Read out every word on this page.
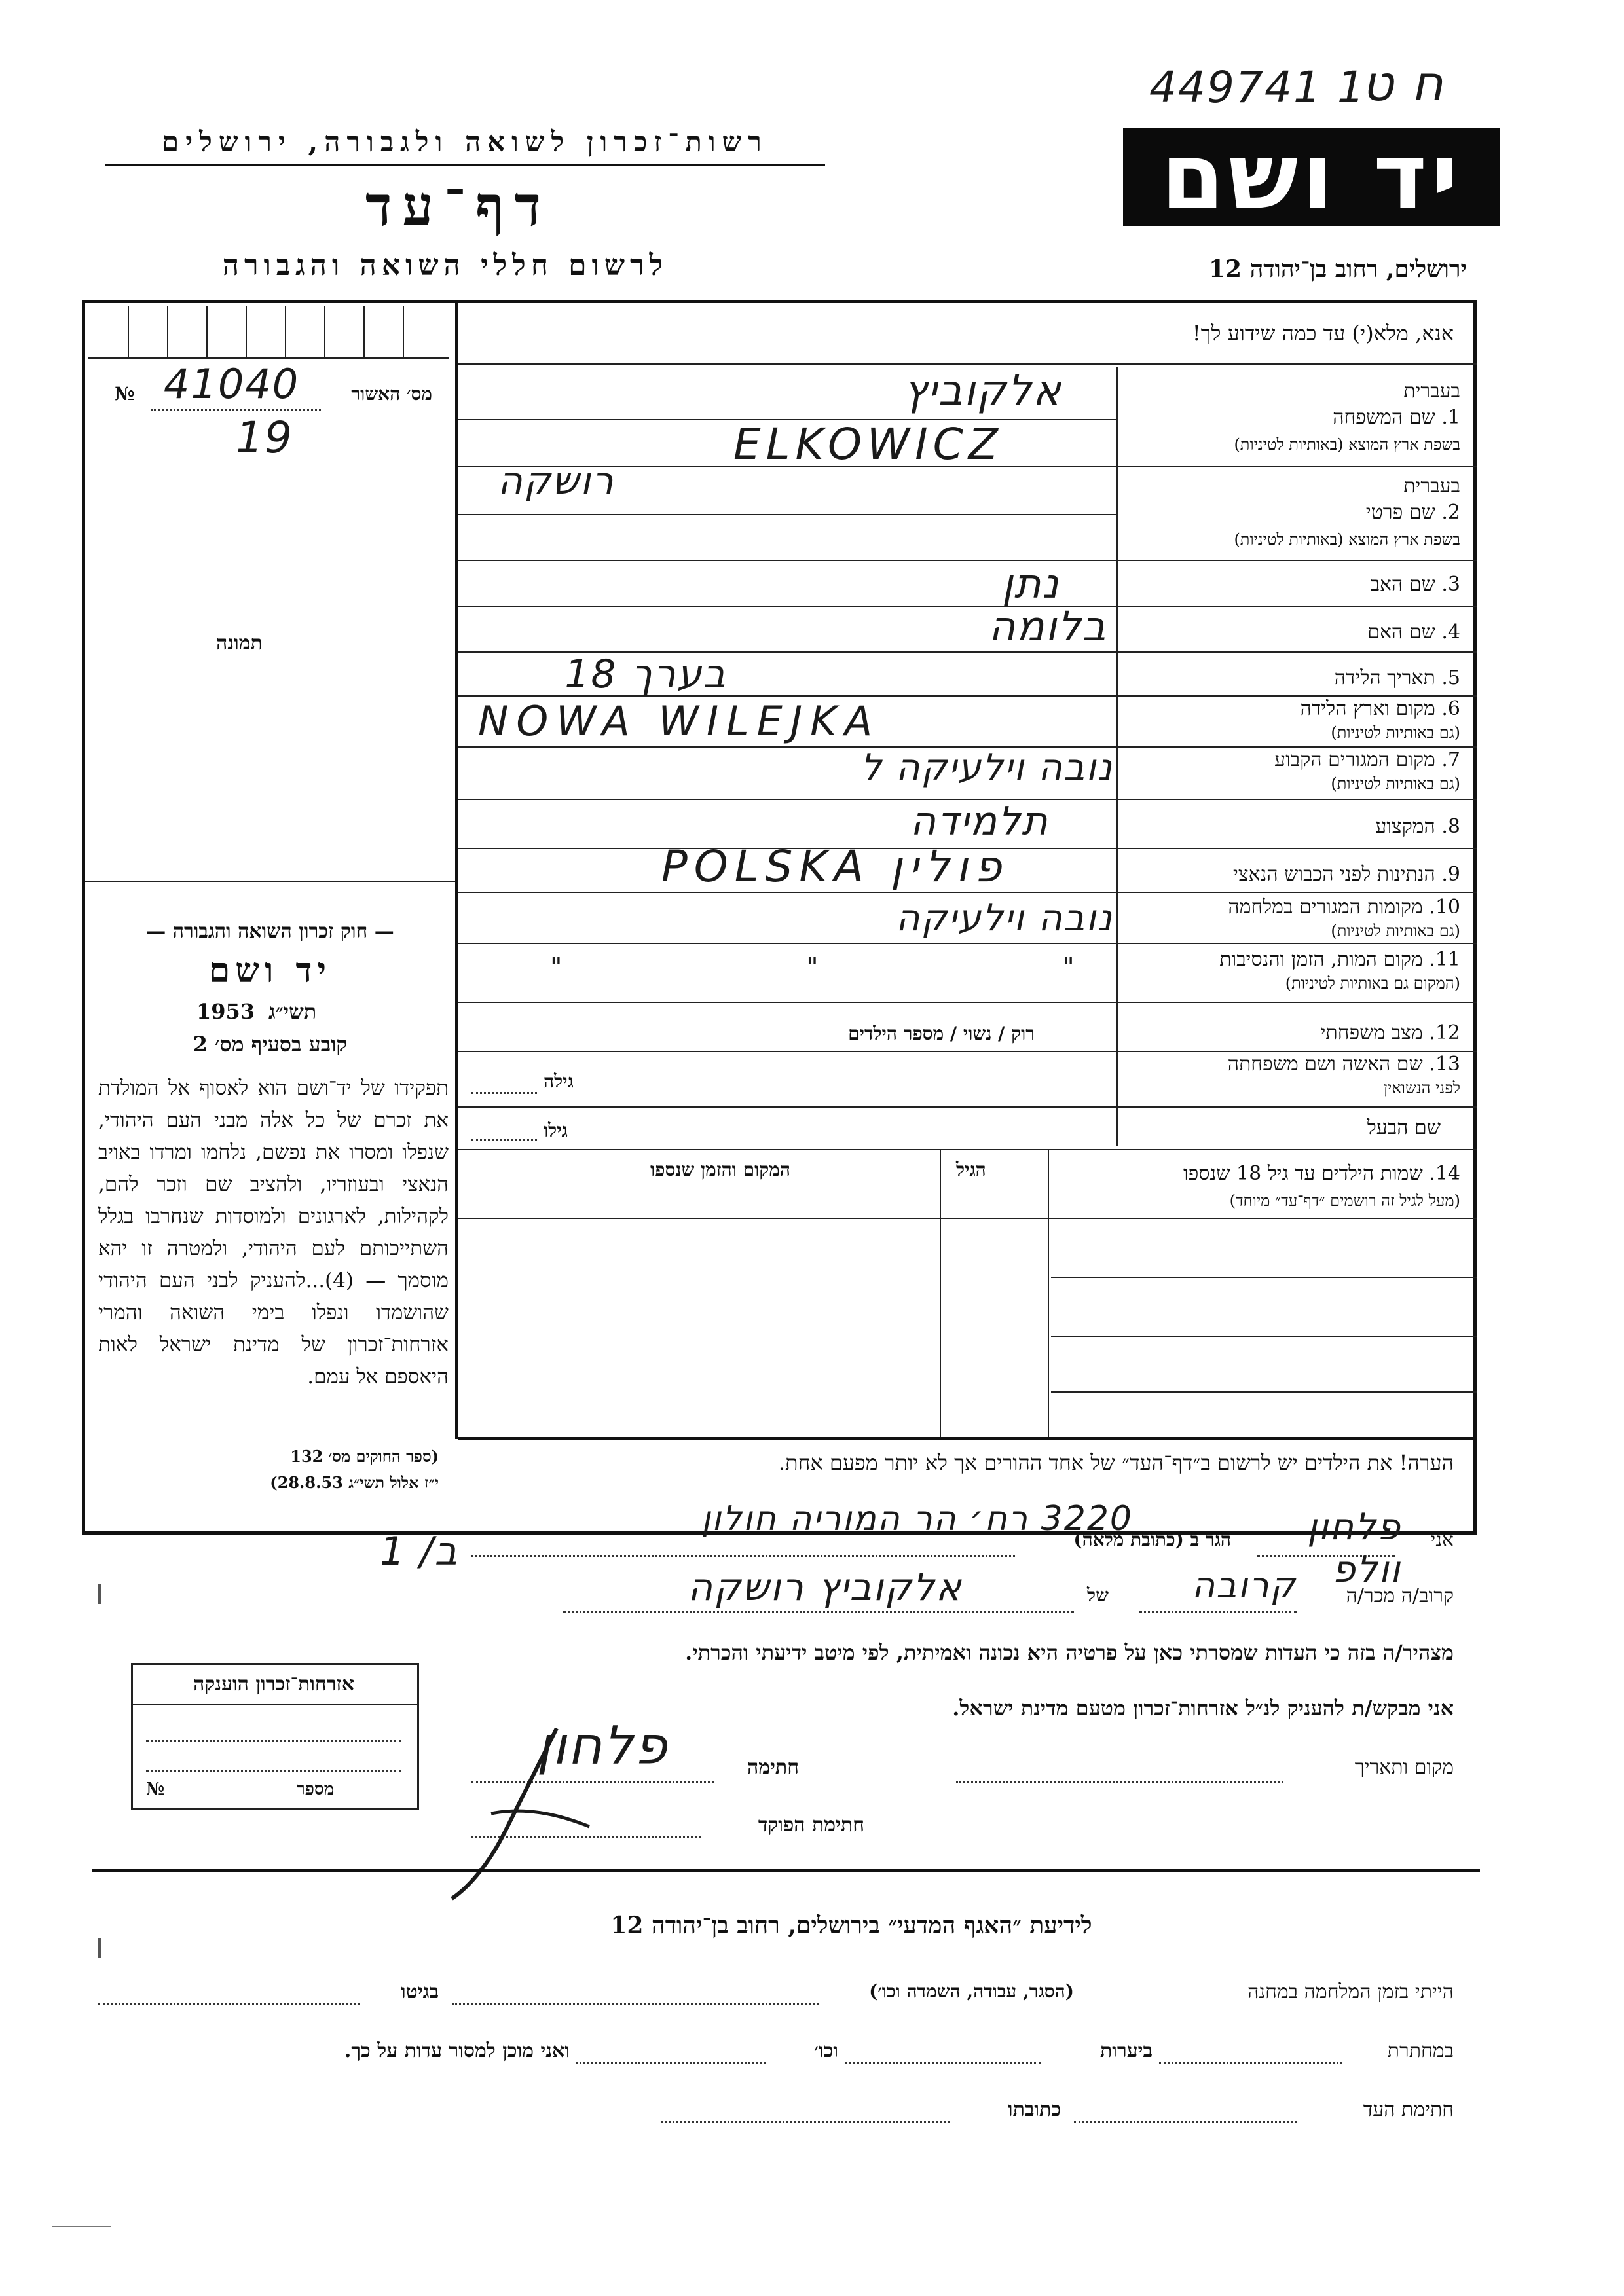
449741 1
ח ט
רשות־זכרון לשואה ולגבורה, ירושלים
דף־עד
לרשום חללי השואה והגבורה
יד ושם
ירושלים, רחוב בן־יהודה 12
אנא, מלא(י) עד כמה שידוע לך!
מס׳ האשור
№ 41040
19
תמונה
— חוק זכרון השואה והגבורה —
יד ושם
1953 תשי״ג
קובע בסעיף מס׳ 2
תפקידו של יד־ושם הוא לאסוף אל המולדת את זכרם של כל אלה מבני העם היהודי, שנפלו ומסרו את נפשם, נלחמו ומרדו באויב הנאצי ובעוזריו, ולהציב שם וזכר להם, לקהילות, לארגונים ולמוסדות שנחרבו בגלל השתייכותם לעם היהודי, ולמטרה זו יהא מוסמך — (4)...להעניק לבני העם היהודי שהושמדו ונפלו בימי השואה והמרי אזרחות־זכרון של מדינת ישראל לאות היאספם אל עמם.
(ספר החוקים מס׳ 132
י״ז אלול תשי״ג 28.8.53)
בעברית
1. שם המשפחה
בשפת ארץ המוצא (באותיות לטיניות)
אלקוביץ
ELKOWICZ
בעברית
2. שם פרטי
בשפת ארץ המוצא (באותיות לטיניות)
רושקה
3. שם האב
נתן
4. שם האם
בלומה
5. תאריך הלידה
בערך 18
6. מקום וארץ הלידה
(גם באותיות לטיניות)
NOWA WILEJKA
7. מקום המגורים הקבוע
(גם באותיות לטיניות)
נובה וילעיקה ל
8. המקצוע
תלמידה
9. הנתינות לפני הכבוש הנאצי
POLSKA פולין
10. מקומות המגורים במלחמה
(גם באותיות לטיניות)
נובה וילעיקה
11. מקום המות, הזמן והנסיבות
(המקום גם באותיות לטיניות)
" " "
12. מצב משפחתי
רוק / נשוי / מספר הילדים
13. שם האשה ושם משפחתה
לפני הנשואין
גילה
שם הבעל
גילו
14. שמות הילדים עד גיל 18 שנספו
(מעל לגיל זה רושמים ״דף־עד״ מיוחד)
הגיל
המקום והזמן שנספו
הערה! את הילדים יש לרשום ב״דף־העד״ של אחד ההורים אך לא יותר מפעם אחת.
אני
פלחון וולפ
הגר ב (כתובת מלאה)
3220 רח׳ הר המוריה חולון
ב/ 1
קרוב/ה מכר/ה
קרובה
של
אלקוביץ רושקה
מצהיר/ה בזה כי העדות שמסרתי כאן על פרטיה היא נכונה ואמיתית, לפי מיטב ידיעתי והכרתי.
אני מבקש/ת להעניק לנ״ל אזרחות־זכרון מטעם מדינת ישראל.
מקום ותאריך
חתימה
פלחון
חתימת הפוקד
אזרחות־זכרון הוענקה
מספר
№
לידיעת ״האגף המדעי״ בירושלים, רחוב בן־יהודה 12
הייתי בזמן המלחמה במחנה
(הסגר, עבודה, השמדה וכו׳)
בגיטו
במחתרת
ביערות
וכו׳
ואני מוכן למסור עדות על כך.
חתימת העד
כתובתו
